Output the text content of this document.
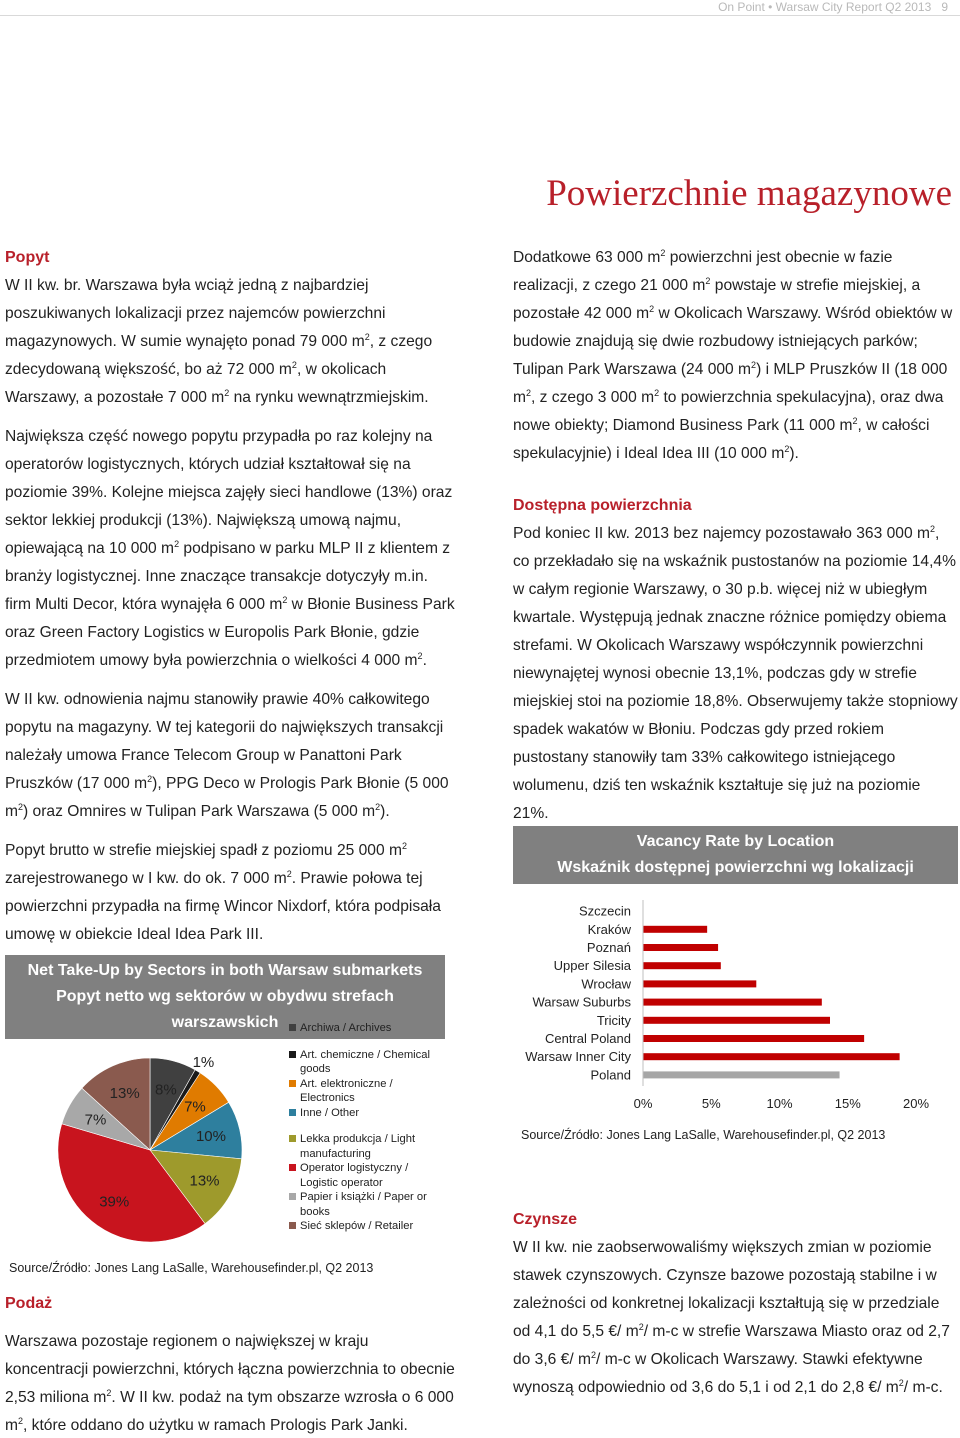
On Point • Warsaw City Report Q2 2013 9
Powierzchnie magazynowe
Popyt

W II kw. br. Warszawa była wciąż jedną z najbardziej poszukiwanych lokalizacji przez najemców powierzchni magazynowych. W sumie wynajęto ponad 79 000 $m^2$, z czego zdecydowaną większość, bo aż 72 000 $m^2$, w okolicach Warszawy, a pozostałe 7 000 $m^2$ na rynku wewnątrzmiejskim.

Największa część nowego popytu przypadła po raz kolejny na operatorów logistycznych, których udział kształtował się na poziomie 39%. Kolejne miejsca zajęły sieci handlowe (13%) oraz sektor lekkiej produkcji (13%). Największą umową najmu, opiewającą na 10 000 $m^2$ podpisano w parku MLP II z klientem z branży logistycznej. Inne znaczące transakcje dotyczyły m.in. firm Multi Decor, która wynajęła 6 000 $m^2$ w Błonie Business Park oraz Green Factory Logistics w Europolis Park Błonie, gdzie przedmiotem umowy była powierzchnia o wielkości 4 000 $m^2$.

W II kw. odnowienia najmu stanowiły prawie 40% całkowitego popytu na magazyny. W tej kategorii do największych transakcji należały umowa France Telecom Group w Panattoni Park Pruszków (17 000 $m^2$), PPG Deco w Prologis Park Błonie (5 000 $m^2$) oraz Omnires w Tulipan Park Warszawa (5 000 $m^2$).

Popyt brutto w strefie miejskiej spadł z poziomu 25 000 $m^2$ zarejestrowanego w I kw. do ok. 7 000 $m^2$. Prawie połowa tej powierzchni przypadła na firmę Wincor Nixdorf, która podpisała umowę w obiekcie Ideal Idea Park III.

Net Take-Up by Sectors in both Warsaw submarkets
Popyt netto wg sektorów w obydwu strefach warszawskich
8%
1%
7%
10%
13%
39%
7%
13%
Archiwa / Archives
Art. chemiczne / Chemical goods
Art. elektroniczne / Electronics
Inne / Other
Lekka produkcja / Light manufacturing
Operator logistyczny / Logistic operator
Papier i książki / Paper or books
Sieć sklepów / Retailer
Source/Źródło: Jones Lang LaSalle, Warehousefinder.pl, Q2 2013
Podaż

Warszawa pozostaje regionem o największej w kraju koncentracji powierzchni, których łączna powierzchnia to obecnie 2,53 miliona $m^2$. W II kw. podaż na tym obszarze wzrosła o 6 000 $m^2$, które oddano do użytku w ramach Prologis Park Janki.

Dodatkowe 63 000 $m^2$ powierzchni jest obecnie w fazie realizacji, z czego 21 000 $m^2$ powstaje w strefie miejskiej, a pozostałe 42 000 $m^2$ w Okolicach Warszawy. Wśród obiektów w budowie znajdują się dwie rozbudowy istniejących parków; Tulipan Park Warszawa (24 000 $m^2$) i MLP Pruszków II (18 000 $m^2$, z czego 3 000 $m^2$ to powierzchnia spekulacyjna), oraz dwa nowe obiekty; Diamond Business Park (11 000 $m^2$, w całości spekulacyjnie) i Ideal Idea III (10 000 $m^2$).

Dostępna powierzchnia

Pod koniec II kw. 2013 bez najemcy pozostawało 363 000 $m^2$, co przekładało się na wskaźnik pustostanów na poziomie 14,4% w całym regionie Warszawy, o 30 p.b. więcej niż w ubiegłym kwartale. Występują jednak znaczne różnice pomiędzy obiema strefami. W Okolicach Warszawy współczynnik powierzchni niewynajętej wynosi obecnie 13,1%, podczas gdy w strefie miejskiej stoi na poziomie 18,8%. Obserwujemy także stopniowy spadek wakatów w Błoniu. Podczas gdy przed rokiem pustostany stanowiły tam 33% całkowitego istniejącego wolumenu, dziś ten wskaźnik kształtuje się już na poziomie 21%.

Vacancy Rate by Location
Wskaźnik dostępnej powierzchni wg lokalizacji
Szczecin
Kraków
Poznań
Upper Silesia
Wrocław
Warsaw Suburbs
Tricity
Central Poland
Warsaw Inner City
Poland
0%	5%	10%	15%	20%
Source/Źródło: Jones Lang LaSalle, Warehousefinder.pl, Q2 2013
Czynsze

W II kw. nie zaobserwowaliśmy większych zmian w poziomie stawek czynszowych. Czynsze bazowe pozostają stabilne i w zależności od konkretnej lokalizacji kształtują się w przedziale od 4,1 do 5,5 €/ $m^2/$ m-c w strefie Warszawa Miasto oraz od 2,7 do 3,6 €/ $m^2/$ m-c w Okolicach Warszawy. Stawki efektywne wynoszą odpowiednio od 3,6 do 5,1 i od 2,1 do 2,8 €/ $m^2/$ m-c.
